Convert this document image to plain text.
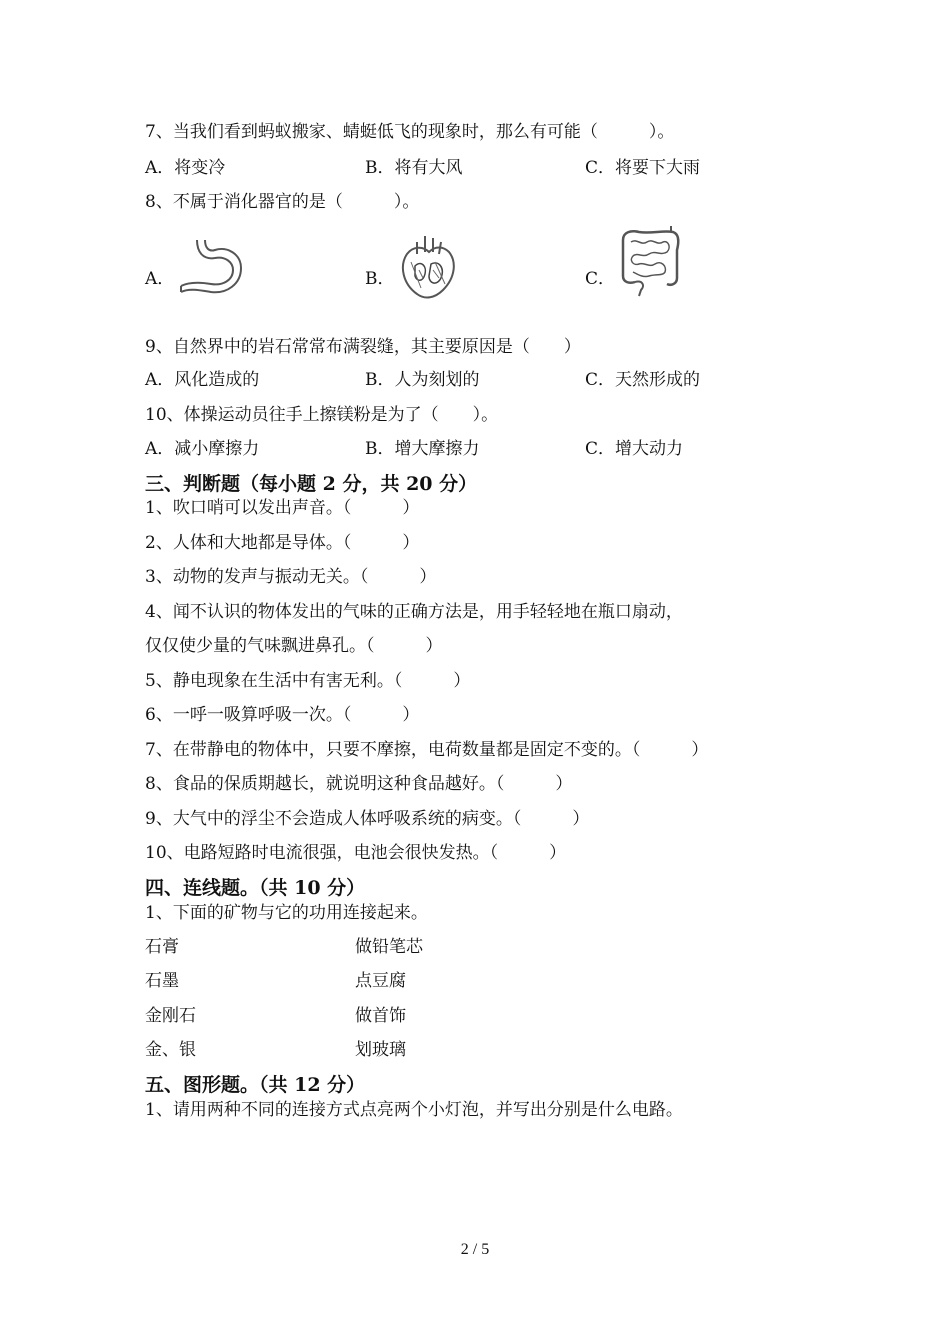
7、当我们看到蚂蚁搬家、蜻蜓低飞的现象时，那么有可能（　　　）。
A．将变冷	B．将有大风	C．将要下大雨
8、不属于消化器官的是（　　　）。
A．	B．	C．
9、自然界中的岩石常常布满裂缝，其主要原因是（　　）
A．风化造成的	B．人为刻划的	C．天然形成的
10、体操运动员往手上擦镁粉是为了（　　）。
A．减小摩擦力	B．增大摩擦力	C．增大动力
三、判断题（每小题 2 分，共 20 分）
1、吹口哨可以发出声音。（　　　）
2、人体和大地都是导体。（　　　）
3、动物的发声与振动无关。（　　　）
4、闻不认识的物体发出的气味的正确方法是，用手轻轻地在瓶口扇动，
仅仅使少量的气味飘进鼻孔。（　　　）
5、静电现象在生活中有害无利。（　　　）
6、一呼一吸算呼吸一次。（　　　）
7、在带静电的物体中，只要不摩擦，电荷数量都是固定不变的。（　　　）
8、食品的保质期越长，就说明这种食品越好。（　　　）
9、大气中的浮尘不会造成人体呼吸系统的病变。（　　　）
10、电路短路时电流很强，电池会很快发热。（　　　）
四、连线题。（共 10 分）
1、下面的矿物与它的功用连接起来。
石膏	做铅笔芯
石墨	点豆腐
金刚石	做首饰
金、银	划玻璃
五、图形题。（共 12 分）
1、请用两种不同的连接方式点亮两个小灯泡，并写出分别是什么电路。
2 / 5
